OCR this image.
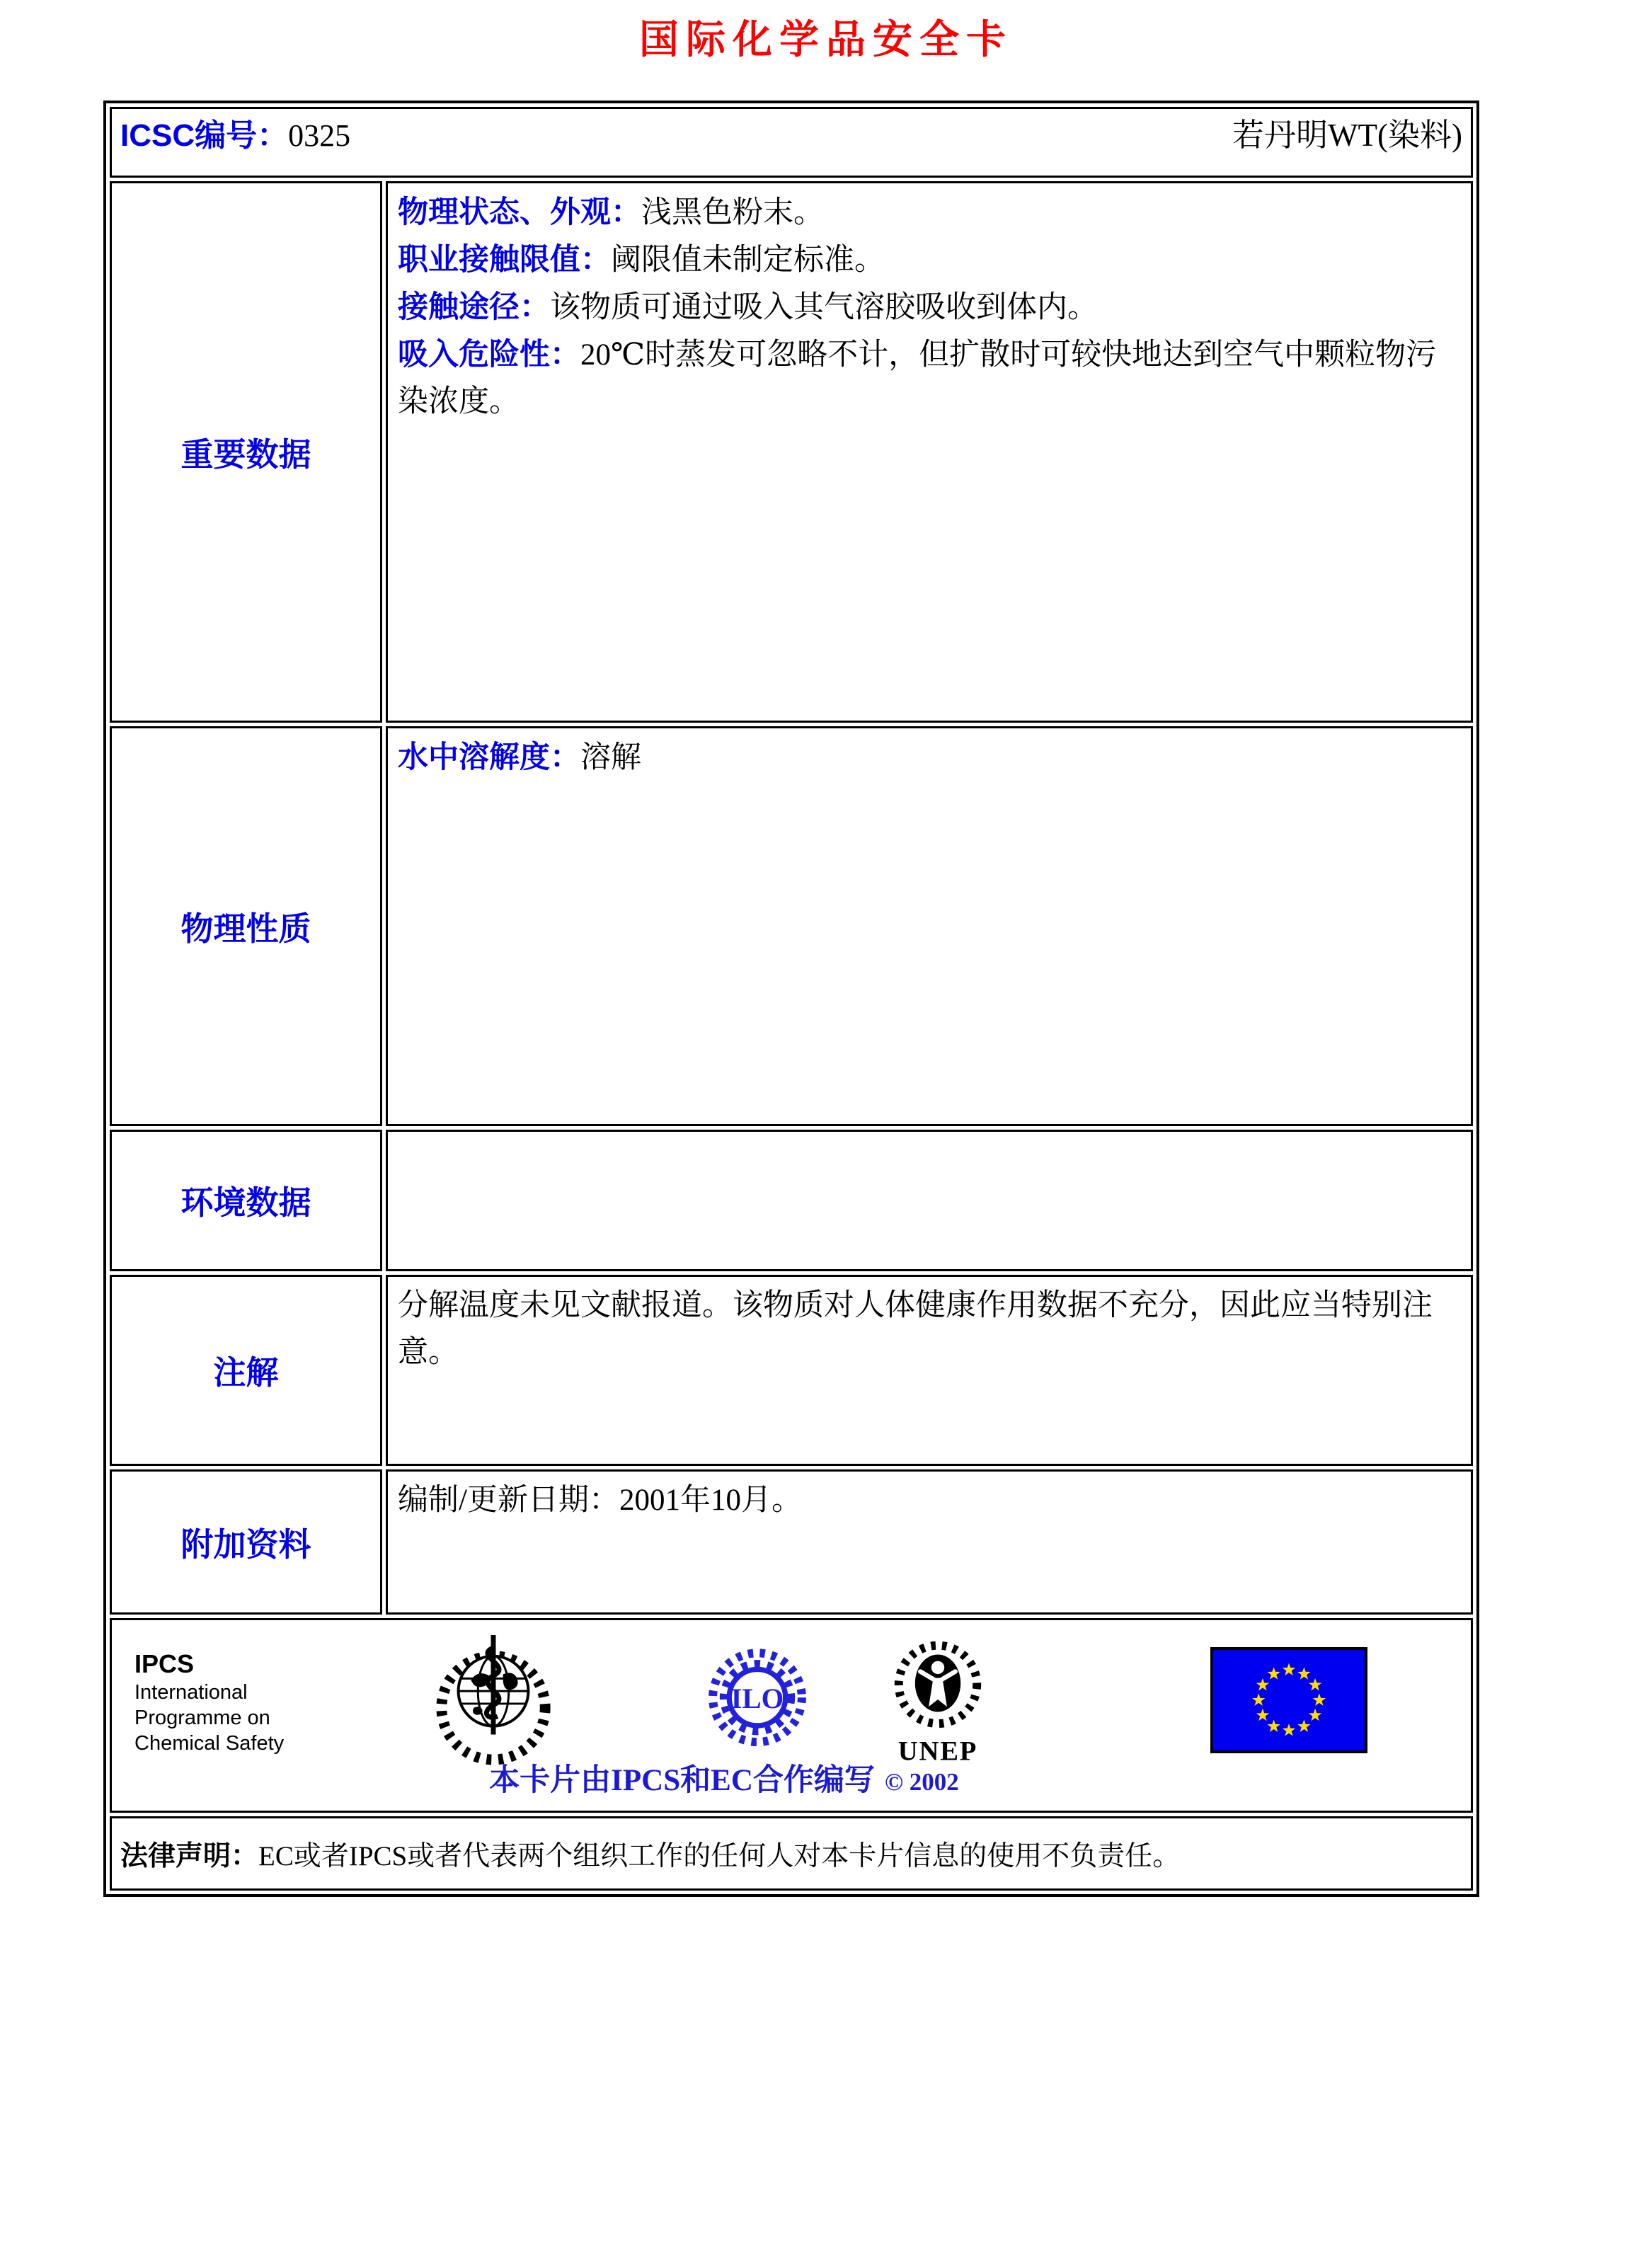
国际化学品安全卡
ICSC编号：0325 若丹明WT(染料)	

重要数据	物理状态、外观：浅黑色粉末。
职业接触限值：阈限值未制定标准。
接触途径：该物质可通过吸入其气溶胶吸收到体内。
吸入危险性：20℃时蒸发可忽略不计，但扩散时可较快地达到空气中颗粒物污染浓度。

物理性质	水中溶解度：溶解

环境数据	
注解	分解温度未见文献报道。该物质对人体健康作用数据不充分，因此应当特别注意。
附加资料	编制/更新日期：2001年10月。

IPCS
International
Programme on
Chemical Safety
ILO
UNEP
本卡片由IPCS和EC合作编写 © 2002

法律声明：EC或者IPCS或者代表两个组织工作的任何人对本卡片信息的使用不负责任。	
